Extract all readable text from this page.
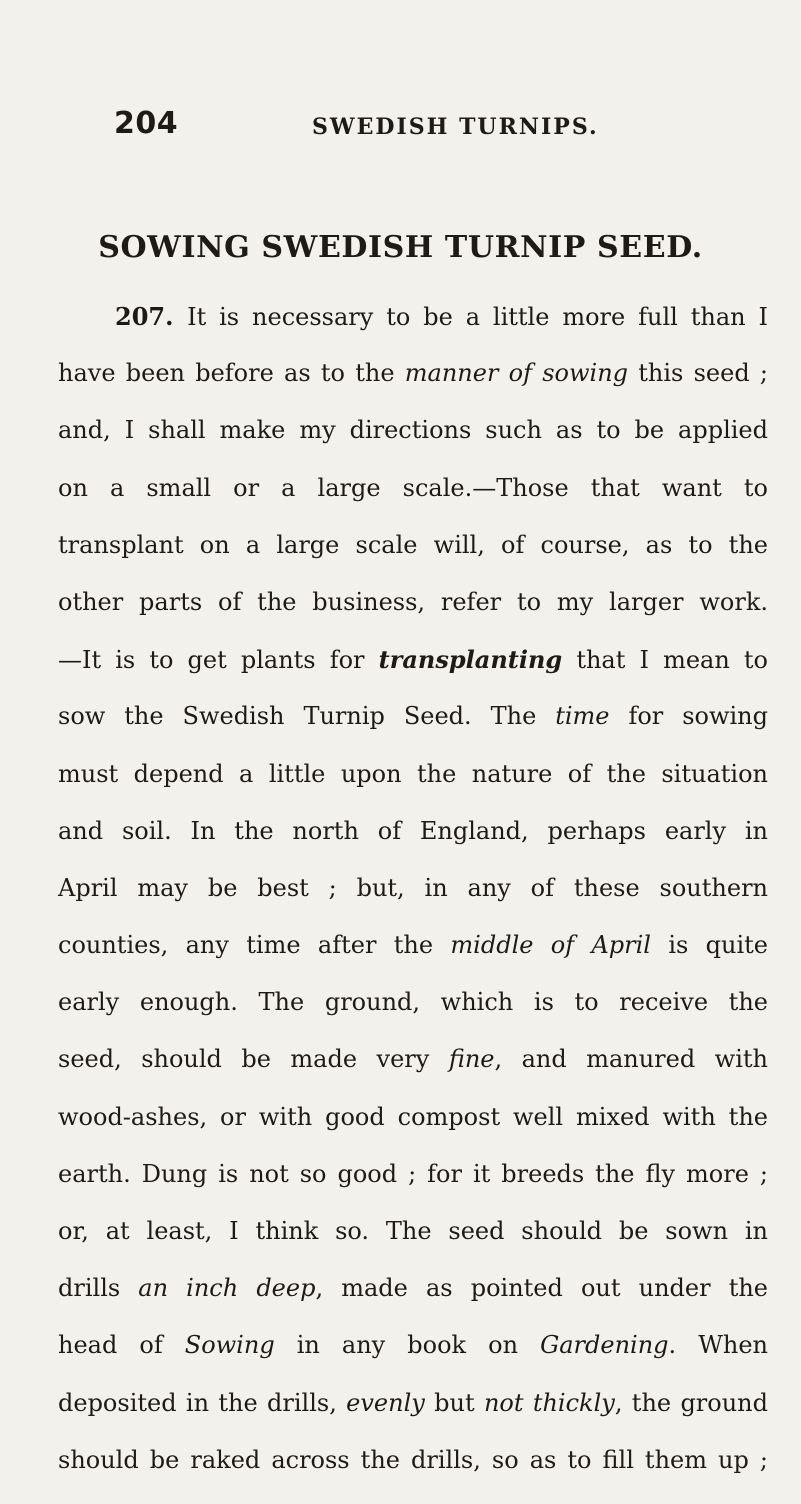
204	SWEDISH TURNIPS.
SOWING SWEDISH TURNIP SEED.
207. It is necessary to be a little more full than I
have been before as to the manner of sowing this seed ;
and, I shall make my directions such as to be applied
on a small or a large scale.—Those that want to
transplant on a large scale will, of course, as to the
other parts of the business, refer to my larger work.
—It is to get plants for transplanting that I mean to
sow the Swedish Turnip Seed. The time for sowing
must depend a little upon the nature of the situation
and soil. In the north of England, perhaps early in
April may be best ; but, in any of these southern
counties, any time after the middle of April is quite
early enough. The ground, which is to receive the
seed, should be made very fine, and manured with
wood-ashes, or with good compost well mixed with the
earth. Dung is not so good ; for it breeds the fly more ;
or, at least, I think so. The seed should be sown in
drills an inch deep, made as pointed out under the
head of Sowing in any book on Gardening. When
deposited in the drills, evenly but not thickly, the ground
should be raked across the drills, so as to fill them up ;
